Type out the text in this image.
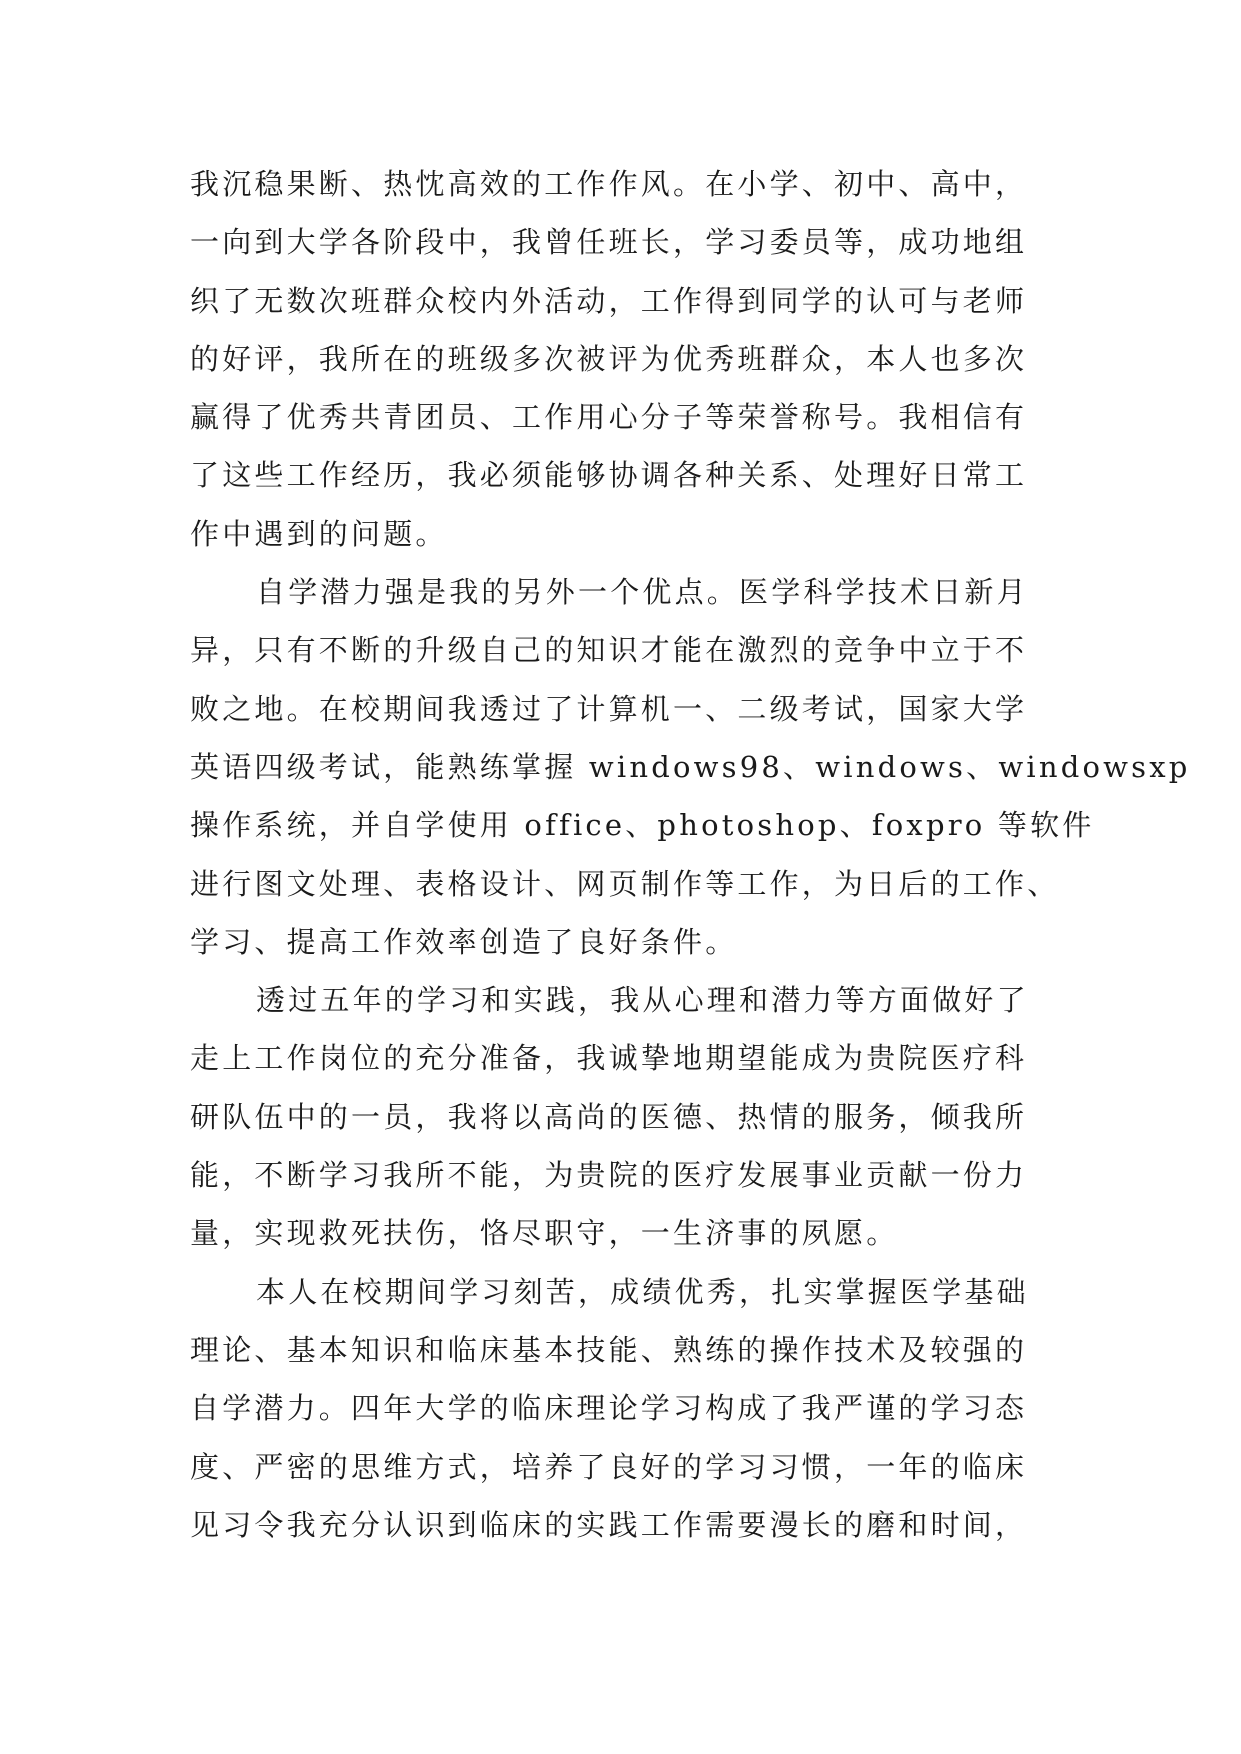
我沉稳果断、热忱高效的工作作风。在小学、初中、高中，
一向到大学各阶段中，我曾任班长，学习委员等，成功地组
织了无数次班群众校内外活动，工作得到同学的认可与老师
的好评，我所在的班级多次被评为优秀班群众，本人也多次
赢得了优秀共青团员、工作用心分子等荣誉称号。我相信有
了这些工作经历，我必须能够协调各种关系、处理好日常工
作中遇到的问题。
自学潜力强是我的另外一个优点。医学科学技术日新月
异，只有不断的升级自己的知识才能在激烈的竞争中立于不
败之地。在校期间我透过了计算机一、二级考试，国家大学
英语四级考试，能熟练掌握 windows98、windows、windowsxp
操作系统，并自学使用 office、photoshop、foxpro 等软件
进行图文处理、表格设计、网页制作等工作，为日后的工作、
学习、提高工作效率创造了良好条件。
透过五年的学习和实践，我从心理和潜力等方面做好了
走上工作岗位的充分准备，我诚挚地期望能成为贵院医疗科
研队伍中的一员，我将以高尚的医德、热情的服务，倾我所
能，不断学习我所不能，为贵院的医疗发展事业贡献一份力
量，实现救死扶伤，恪尽职守，一生济事的夙愿。
本人在校期间学习刻苦，成绩优秀，扎实掌握医学基础
理论、基本知识和临床基本技能、熟练的操作技术及较强的
自学潜力。四年大学的临床理论学习构成了我严谨的学习态
度、严密的思维方式，培养了良好的学习习惯，一年的临床
见习令我充分认识到临床的实践工作需要漫长的磨和时间，
